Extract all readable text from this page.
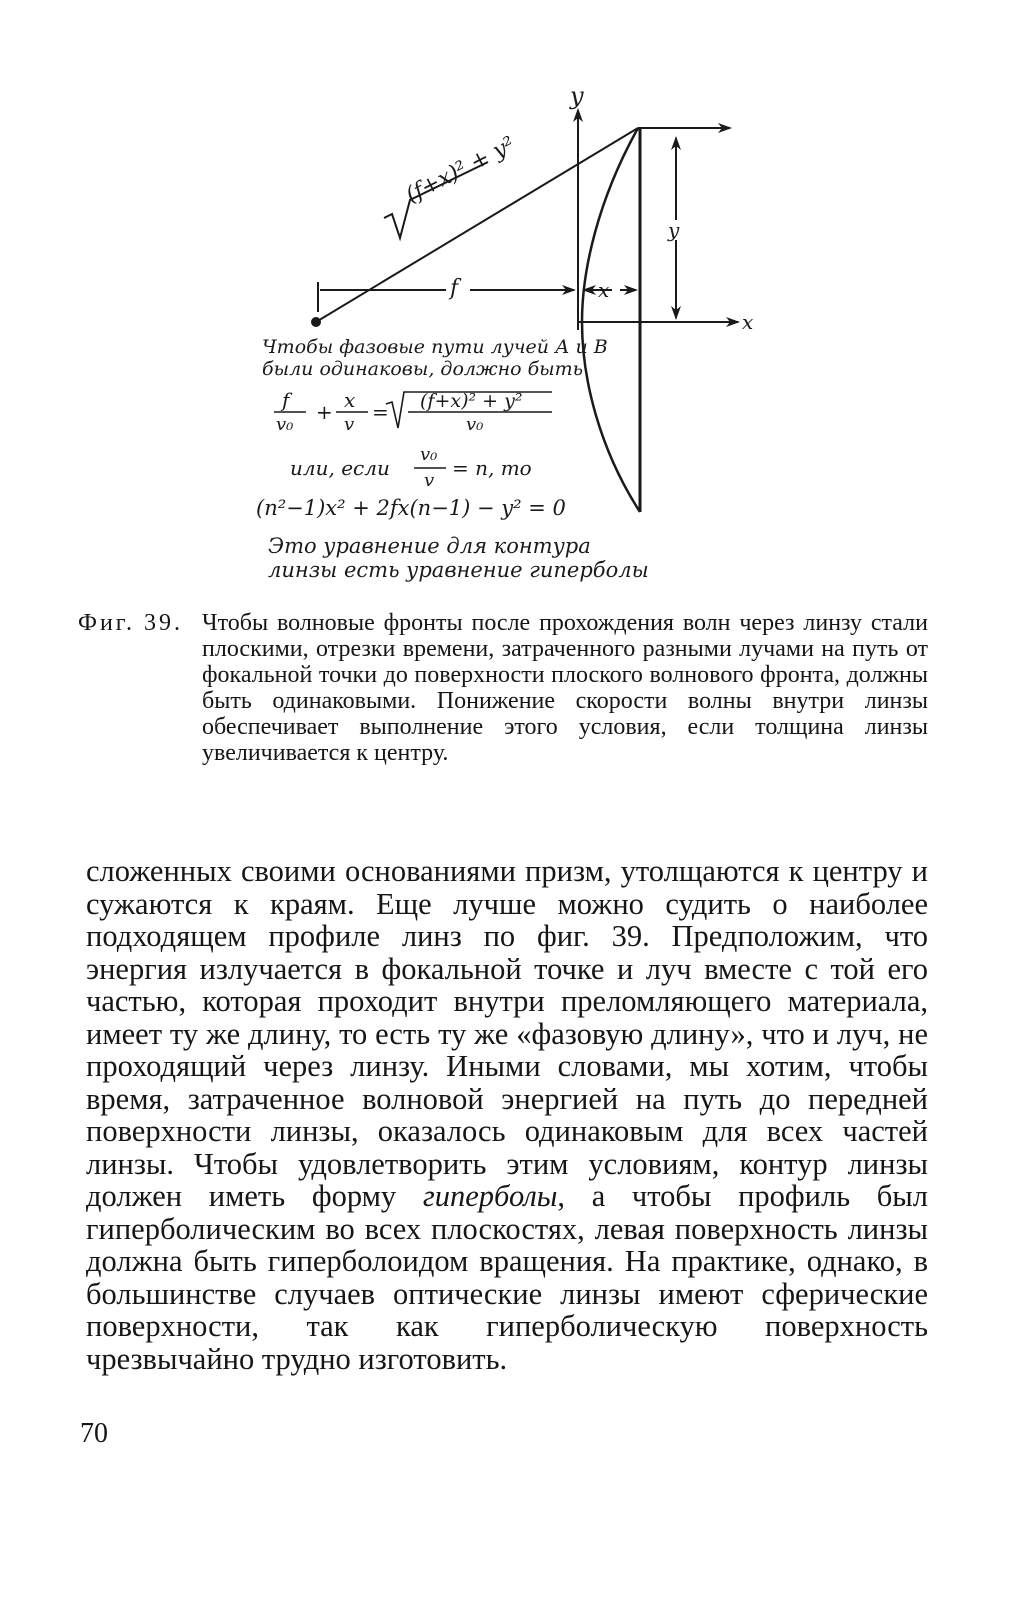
y
x
(f+x)² + y²
f	x
y
Чтобы фазовые пути лучей А и В
были одинаковы, должно быть
f
v₀
+ x
v
= (f+x)² + y²
v₀
или, если
v₀
v
= n, то
(n²−1)x² + 2fx(n−1) − y² = 0
Это уравнение для контура
линзы есть уравнение гиперболы
Фиг. 39. Чтобы волновые фронты после прохождения волн через линзу стали плоскими, отрезки времени, затраченного разными лучами на путь от фокальной точки до поверхности плоского волнового фронта, должны быть одинаковыми. Понижение скорости волны внутри линзы обеспечивает выполнение этого условия, если толщина линзы увеличивается к центру.
сложенных своими основаниями призм, утолщаются к центру и сужаются к краям. Еще лучше можно судить о наиболее подходящем профиле линз по фиг. 39. Предположим, что энергия излучается в фокальной точке и луч вместе с той его частью, которая проходит внутри преломляющего материала, имеет ту же длину, то есть ту же «фазовую длину», что и луч, не проходящий через линзу. Иными словами, мы хотим, чтобы время, затраченное волновой энергией на путь до передней поверхности линзы, оказалось одинаковым для всех частей линзы. Чтобы удовлетворить этим условиям, контур линзы должен иметь форму гиперболы, а чтобы профиль был гиперболическим во всех плоскостях, левая поверхность линзы должна быть гиперболоидом вращения. На практике, однако, в большинстве случаев оптические линзы имеют сферические поверхности, так как гиперболическую поверхность чрезвычайно трудно изготовить.
70
